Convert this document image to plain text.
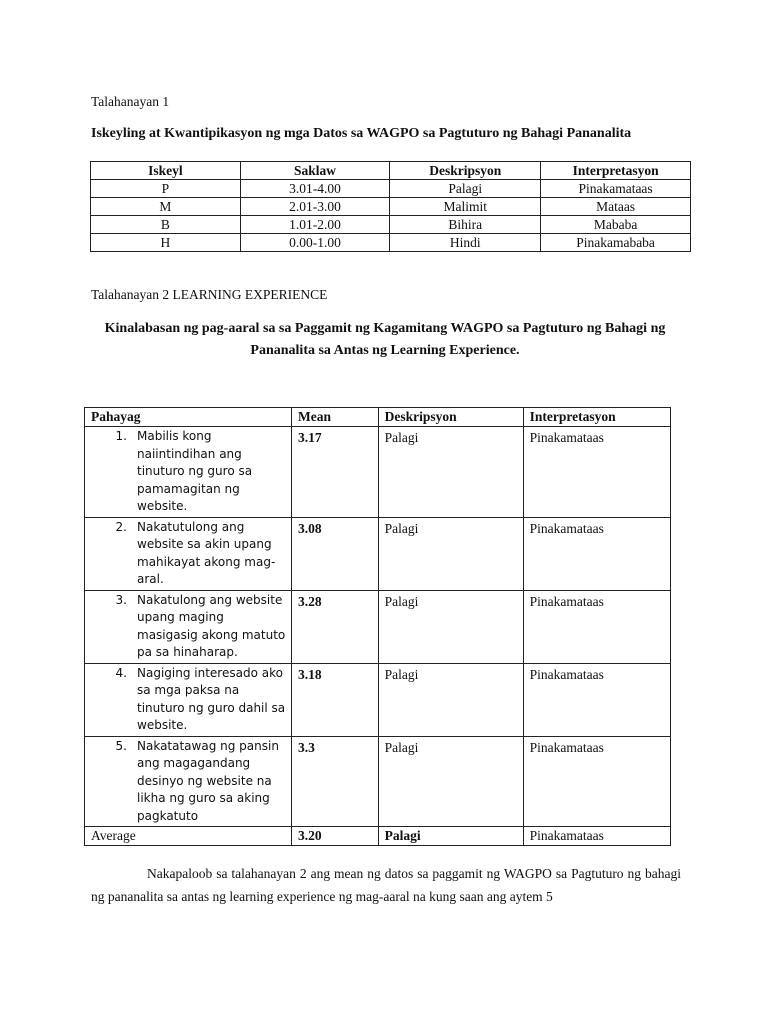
Talahanayan 1
Iskeyling at Kwantipikasyon ng mga Datos sa WAGPO sa Pagtuturo ng Bahagi Pananalita
Iskeyl	Saklaw	Deskripsyon	Interpretasyon
P	3.01-4.00	Palagi	Pinakamataas
M	2.01-3.00	Malimit	Mataas
B	1.01-2.00	Bihira	Mababa
H	0.00-1.00	Hindi	Pinakamababa
Talahanayan 2 LEARNING EXPERIENCE
Kinalabasan ng pag-aaral sa sa Paggamit ng Kagamitang WAGPO sa Pagtuturo ng Bahagi ng Pananalita sa Antas ng Learning Experience.
Pahayag	Mean	Deskripsyon	Interpretasyon

1. Mabilis kong naiintindihan ang tinuturo ng guro sa pamamagitan ng website.	3.17	Palagi	Pinakamataas

2. Nakatutulong ang website sa akin upang mahikayat akong mag-aral.	3.08	Palagi	Pinakamataas

3. Nakatulong ang website upang maging masigasig akong matuto pa sa hinaharap.	3.28	Palagi	Pinakamataas

4. Nagiging interesado ako sa mga paksa na tinuturo ng guro dahil sa website.	3.18	Palagi	Pinakamataas

5. Nakatatawag ng pansin ang magagandang desinyo ng website na likha ng guro sa aking pagkatuto	3.3	Palagi	Pinakamataas
Average	3.20	Palagi	Pinakamataas
Nakapaloob sa talahanayan 2 ang mean ng datos sa paggamit ng WAGPO sa Pagtuturo ng bahagi ng pananalita sa antas ng learning experience ng mag-aaral na kung saan ang aytem 5
